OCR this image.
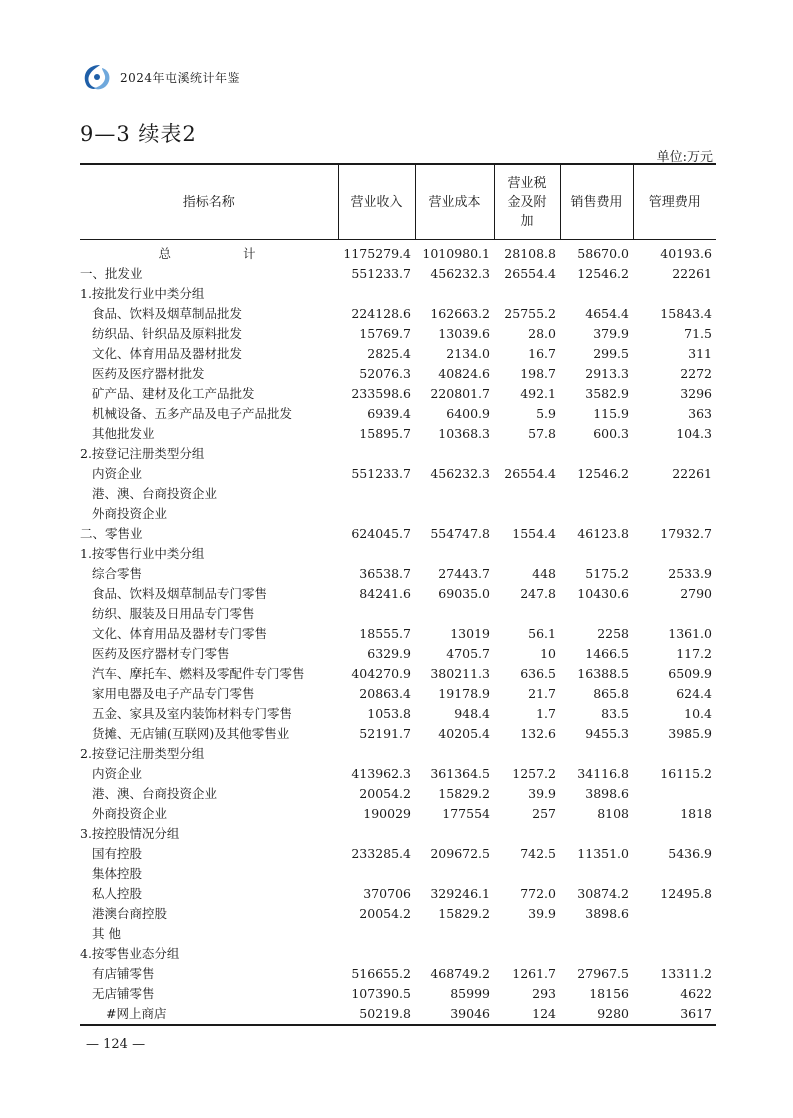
2024年屯溪统计年鉴
9—3 续表2
单位:万元
指标名称	营业收入	营业成本	营业税金及附加	销售费用	管理费用
总 计	1175279.4	1010980.1	28108.8	58670.0	40193.6
一、批发业	551233.7	456232.3	26554.4	12546.2	22261
1.按批发行业中类分组					
食品、饮料及烟草制品批发	224128.6	162663.2	25755.2	4654.4	15843.4
纺织品、针织品及原料批发	15769.7	13039.6	28.0	379.9	71.5
文化、体育用品及器材批发	2825.4	2134.0	16.7	299.5	311
医药及医疗器材批发	52076.3	40824.6	198.7	2913.3	2272
矿产品、建材及化工产品批发	233598.6	220801.7	492.1	3582.9	3296
机械设备、五多产品及电子产品批发	6939.4	6400.9	5.9	115.9	363
其他批发业	15895.7	10368.3	57.8	600.3	104.3
2.按登记注册类型分组					
内资企业	551233.7	456232.3	26554.4	12546.2	22261
港、澳、台商投资企业					
外商投资企业					
二、零售业	624045.7	554747.8	1554.4	46123.8	17932.7
1.按零售行业中类分组					
综合零售	36538.7	27443.7	448	5175.2	2533.9
食品、饮料及烟草制品专门零售	84241.6	69035.0	247.8	10430.6	2790
纺织、服装及日用品专门零售					
文化、体育用品及器材专门零售	18555.7	13019	56.1	2258	1361.0
医药及医疗器材专门零售	6329.9	4705.7	10	1466.5	117.2
汽车、摩托车、燃料及零配件专门零售	404270.9	380211.3	636.5	16388.5	6509.9
家用电器及电子产品专门零售	20863.4	19178.9	21.7	865.8	624.4
五金、家具及室内装饰材料专门零售	1053.8	948.4	1.7	83.5	10.4
货摊、无店铺(互联网)及其他零售业	52191.7	40205.4	132.6	9455.3	3985.9
2.按登记注册类型分组					
内资企业	413962.3	361364.5	1257.2	34116.8	16115.2
港、澳、台商投资企业	20054.2	15829.2	39.9	3898.6	
外商投资企业	190029	177554	257	8108	1818
3.按控股情况分组					
国有控股	233285.4	209672.5	742.5	11351.0	5436.9
集体控股					
私人控股	370706	329246.1	772.0	30874.2	12495.8
港澳台商控股	20054.2	15829.2	39.9	3898.6	
其 他					
4.按零售业态分组					
有店铺零售	516655.2	468749.2	1261.7	27967.5	13311.2
无店铺零售	107390.5	85999	293	18156	4622
#网上商店	50219.8	39046	124	9280	3617
— 124 —
